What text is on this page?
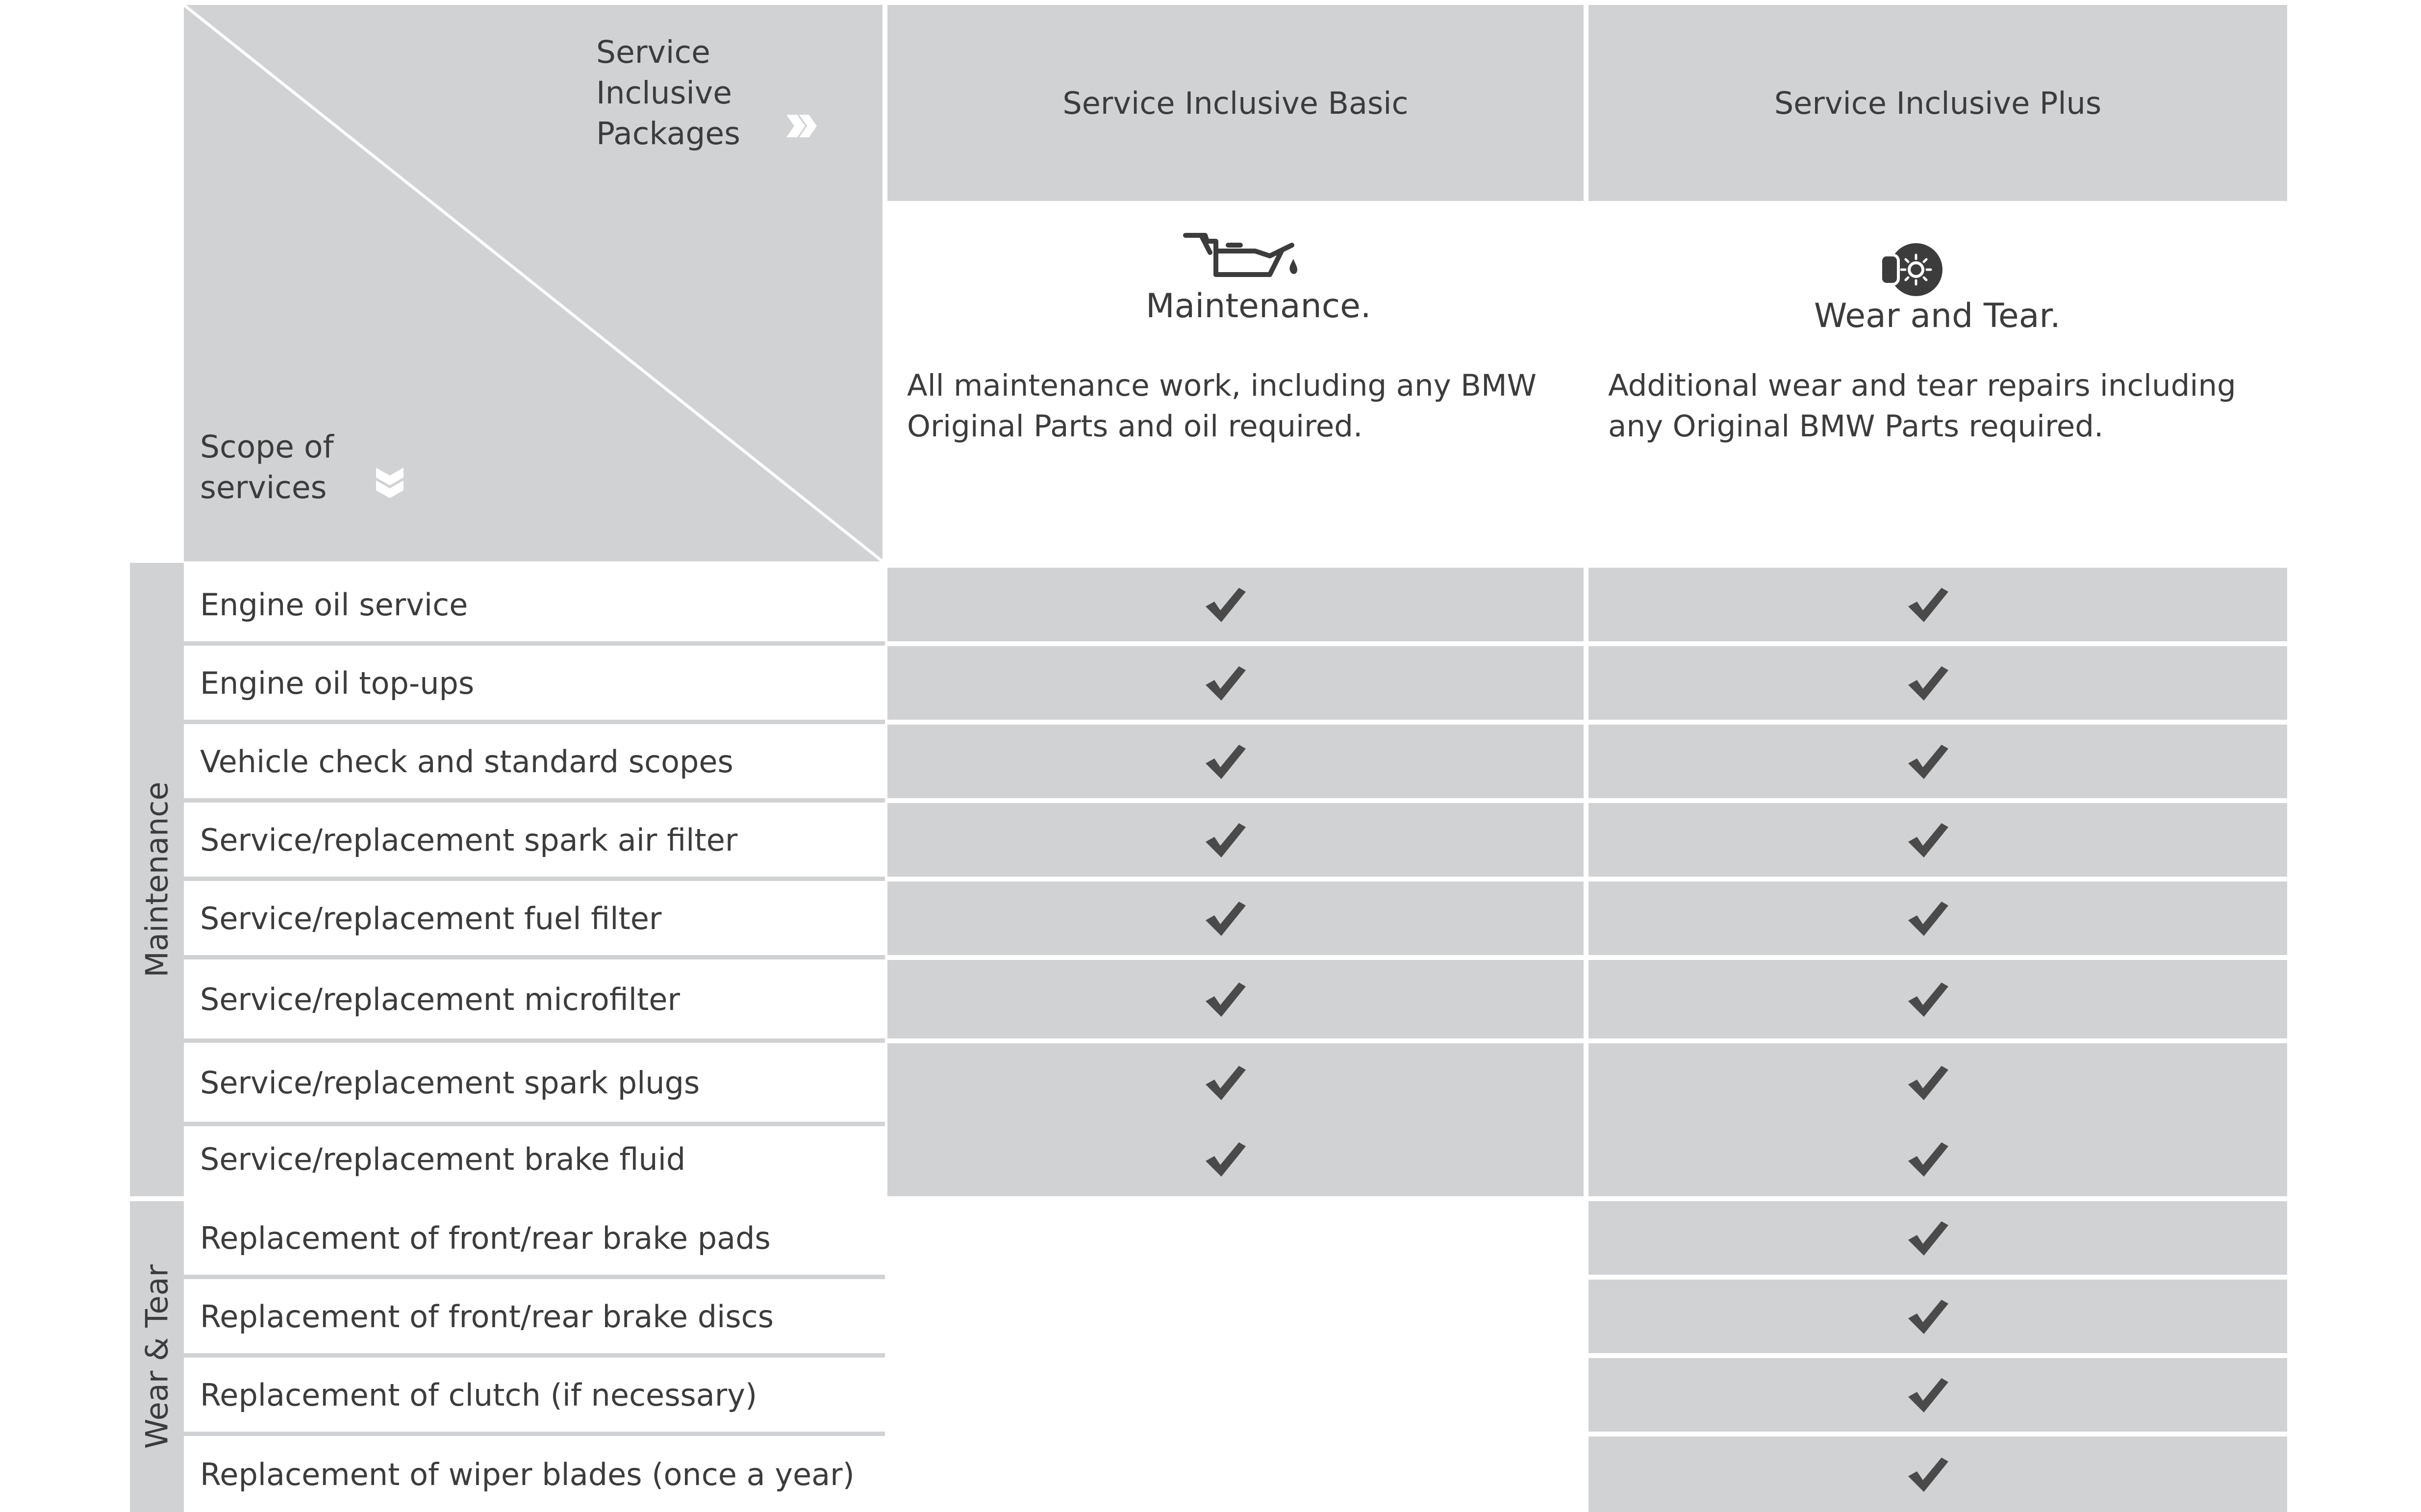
Service
Inclusive
Packages
Scope of
services
Service Inclusive Basic	Service Inclusive Plus
Maintenance.
All maintenance work, including any BMW Original Parts and oil required.
Wear and Tear.
Additional wear and tear repairs including any Original BMW Parts required.
Maintenance
Wear & Tear
Engine oil service
Engine oil top-ups
Vehicle check and standard scopes
Service/replacement spark air filter
Service/replacement fuel filter
Service/replacement microfilter
Service/replacement spark plugs
Service/replacement brake fluid
Replacement of front/rear brake pads
Replacement of front/rear brake discs
Replacement of clutch (if necessary)
Replacement of wiper blades (once a year)
